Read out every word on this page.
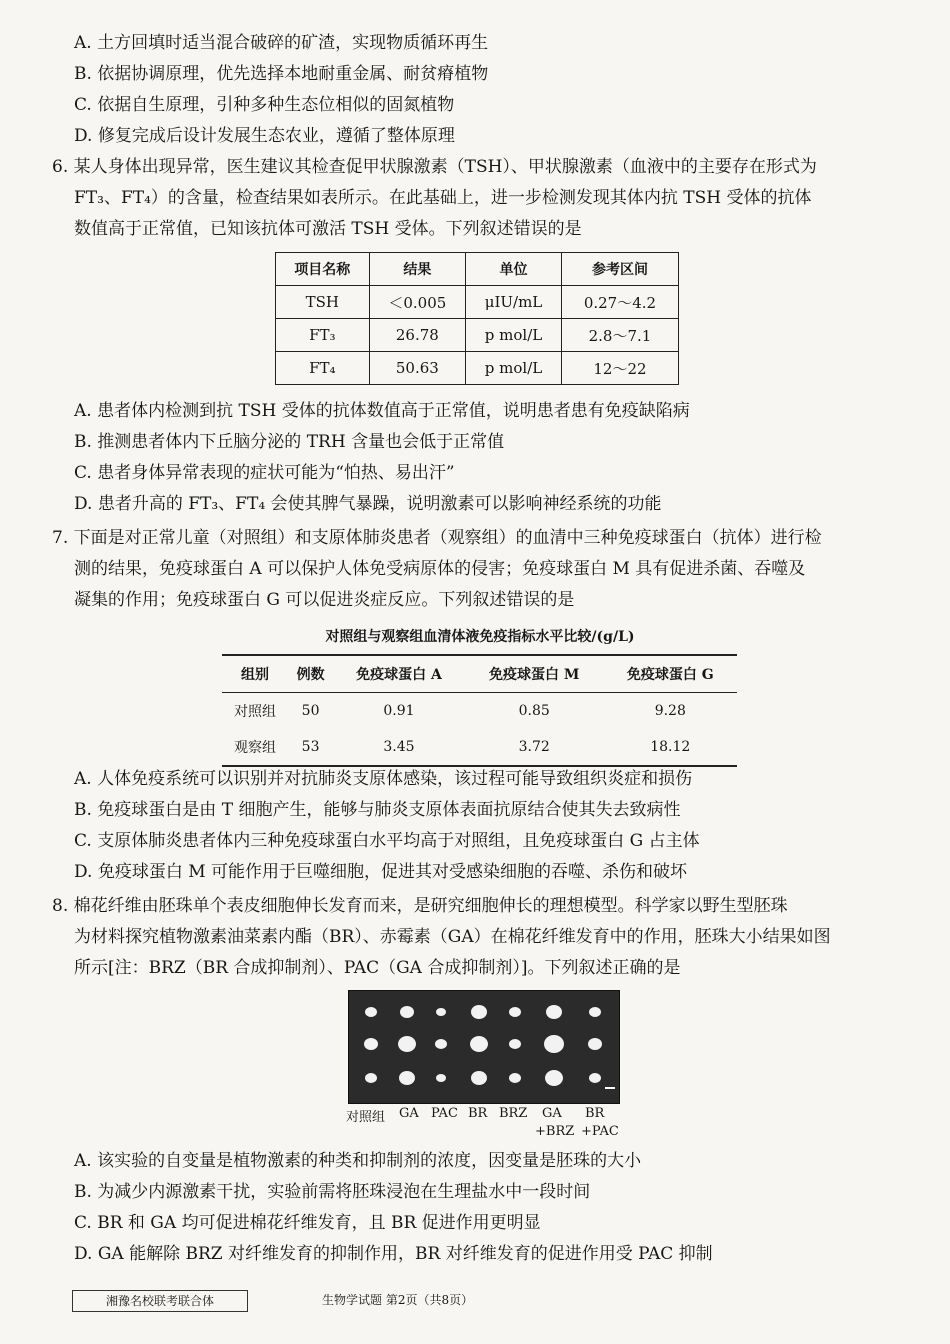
A. 土方回填时适当混合破碎的矿渣，实现物质循环再生
B. 依据协调原理，优先选择本地耐重金属、耐贫瘠植物
C. 依据自生原理，引种多种生态位相似的固氮植物
D. 修复完成后设计发展生态农业，遵循了整体原理
6. 某人身体出现异常，医生建议其检查促甲状腺激素（TSH）、甲状腺激素（血液中的主要存在形式为
FT₃、FT₄）的含量，检查结果如表所示。在此基础上，进一步检测发现其体内抗 TSH 受体的抗体
数值高于正常值，已知该抗体可激活 TSH 受体。下列叙述错误的是
项目名称	结果	单位	参考区间
TSH	＜0.005	μIU/mL	0.27～4.2
FT₃	26.78	p mol/L	2.8～7.1
FT₄	50.63	p mol/L	12～22
A. 患者体内检测到抗 TSH 受体的抗体数值高于正常值，说明患者患有免疫缺陷病
B. 推测患者体内下丘脑分泌的 TRH 含量也会低于正常值
C. 患者身体异常表现的症状可能为“怕热、易出汗”
D. 患者升高的 FT₃、FT₄ 会使其脾气暴躁，说明激素可以影响神经系统的功能
7. 下面是对正常儿童（对照组）和支原体肺炎患者（观察组）的血清中三种免疫球蛋白（抗体）进行检
测的结果，免疫球蛋白 A 可以保护人体免受病原体的侵害；免疫球蛋白 M 具有促进杀菌、吞噬及
凝集的作用；免疫球蛋白 G 可以促进炎症反应。下列叙述错误的是
对照组与观察组血清体液免疫指标水平比较/(g/L)
组别	例数	免疫球蛋白 A	免疫球蛋白 M	免疫球蛋白 G
对照组	50	0.91	0.85	9.28
观察组	53	3.45	3.72	18.12
A. 人体免疫系统可以识别并对抗肺炎支原体感染，该过程可能导致组织炎症和损伤
B. 免疫球蛋白是由 T 细胞产生，能够与肺炎支原体表面抗原结合使其失去致病性
C. 支原体肺炎患者体内三种免疫球蛋白水平均高于对照组，且免疫球蛋白 G 占主体
D. 免疫球蛋白 M 可能作用于巨噬细胞，促进其对受感染细胞的吞噬、杀伤和破坏
8. 棉花纤维由胚珠单个表皮细胞伸长发育而来，是研究细胞伸长的理想模型。科学家以野生型胚珠
为材料探究植物激素油菜素内酯（BR）、赤霉素（GA）在棉花纤维发育中的作用，胚珠大小结果如图
所示[注：BRZ（BR 合成抑制剂）、PAC（GA 合成抑制剂）]。下列叙述正确的是
对照组 GA PAC BR BRZ GA
+BRZ
BR
+PAC
A. 该实验的自变量是植物激素的种类和抑制剂的浓度，因变量是胚珠的大小
B. 为减少内源激素干扰，实验前需将胚珠浸泡在生理盐水中一段时间
C. BR 和 GA 均可促进棉花纤维发育，且 BR 促进作用更明显
D. GA 能解除 BRZ 对纤维发育的抑制作用，BR 对纤维发育的促进作用受 PAC 抑制
湘豫名校联考联合体	生物学试题 第2页（共8页）
